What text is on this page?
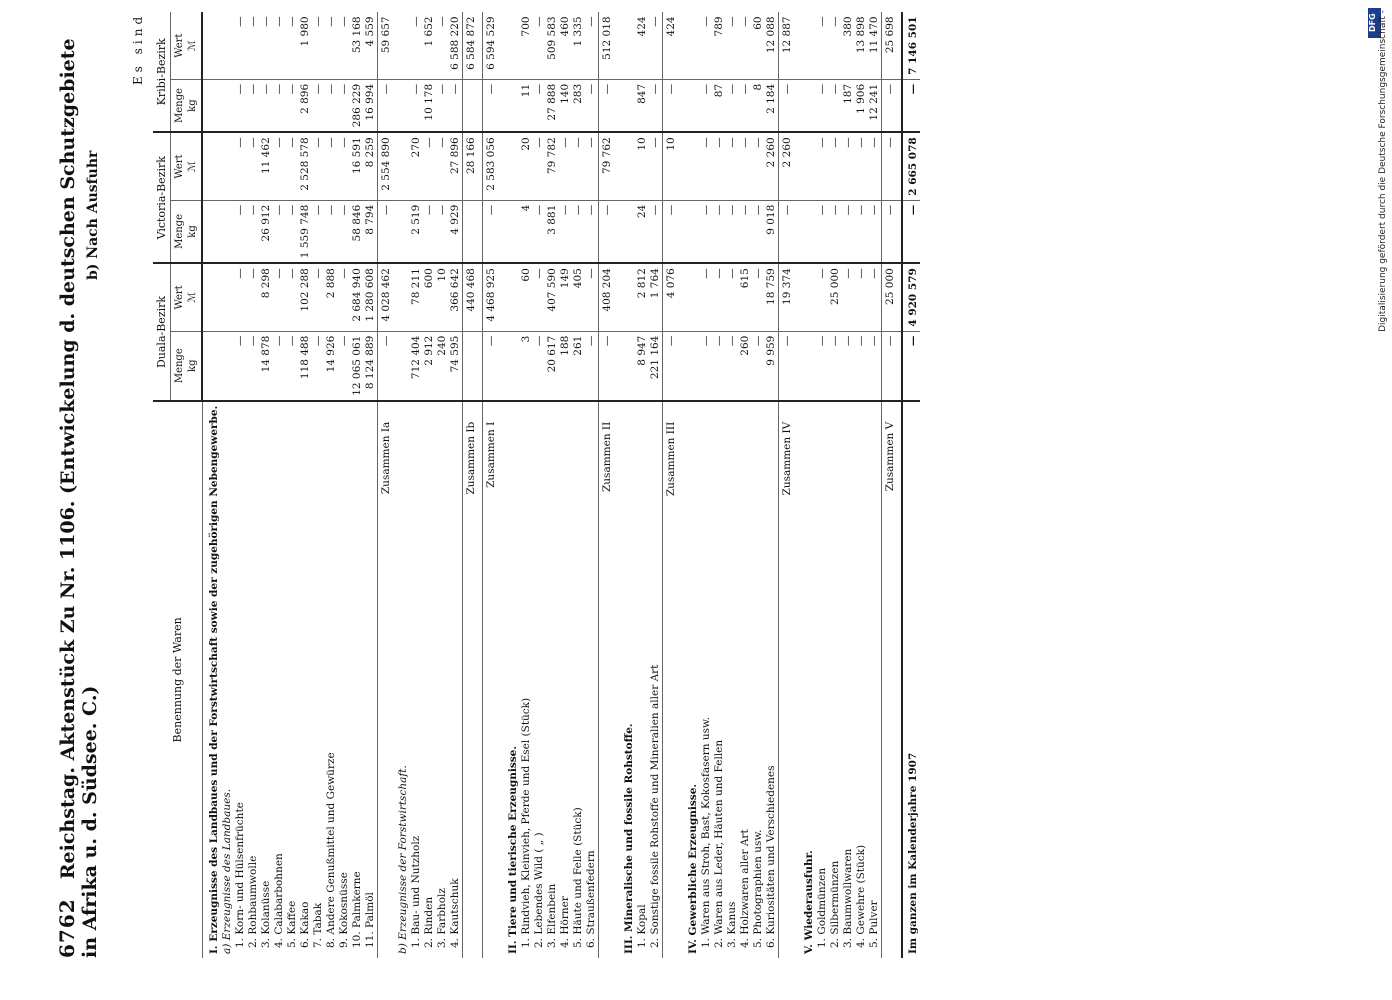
6762 Reichstag. Aktenstück Zu Nr. 1106. (Entwickelung d. deutschen Schutzgebiete in Afrika u. d. Südsee. C.)
b) Nach Ausfuhr
Es sind
Benennung der Waren	Duala-Bezirk		Victoria-Bezirk		Kribi-Bezirk	
	Menge kg	Wert ℳ	Menge kg	Wert ℳ	Menge kg	Wert ℳ
I. Erzeugnisse des Landbaues und der Forstwirtschaft sowie der zugehörigen Nebengewerbe.						
a) Erzeugnisse des Landbaues.						
1. Korn- und Hülsenfrüchte	—	—	—	—	—	—
2. Rohbaumwolle	—	—	—	—	—	—
3. Kolanüsse	14 878	8 298	26 912	11 462	—	—
4. Calabarbohnen	—	—	—	—	—	—
5. Kaffee	—	—	—	—	—	—
6. Kakao	118 488	102 288	1 559 748	2 528 578	2 896	1 980
7. Tabak	—	—	—	—	—	—
8. Andere Genußmittel und Gewürze	14 926	2 888	—	—	—	—
9. Kokosnüsse	—	—	—	—	—	—
10. Palmkerne	12 065 061	2 684 940	58 846	16 591	286 229	53 168
11. Palmöl	8 124 889	1 280 608	8 794	8 259	16 994	4 559
Zusammen Ia	—	4 028 462	—	2 554 890	—	59 657
b) Erzeugnisse der Forstwirtschaft.						
1. Bau- und Nutzholz	712 404	78 211	2 519	270	—	—
2. Rinden	2 912	600	—	—	10 178	1 652
3. Farbholz	240	10	—	—	—	—
4. Kautschuk	74 595	366 642	4 929	27 896	—	6 588 220
Zusammen Ib		440 468		28 166		6 584 872
Zusammen I	—	4 468 925	—	2 583 056	—	6 594 529
II. Tiere und tierische Erzeugnisse.						
1. Rindvieh, Kleinvieh, Pferde und Esel (Stück)	3	60	4	20	11	700
2. Lebendes Wild ( „ )	—	—	—	—	—	—
3. Elfenbein	20 617	407 590	3 881	79 782	27 888	509 583
4. Hörner	188	149	—	—	140	460
5. Häute und Felle (Stück)	261	405	—	—	283	1 335
6. Straußenfedern	—	—	—	—	—	—
Zusammen II	—	408 204	—	79 762	—	512 018
III. Mineralische und fossile Rohstoffe.						
1. Kopal	8 947	2 812	24	10	847	424
2. Sonstige fossile Rohstoffe und Mineralien aller Art	221 164	1 764	—	—	—	—
Zusammen III	—	4 076	—	10	—	424
IV. Gewerbliche Erzeugnisse.						
1. Waren aus Stroh, Bast, Kokosfasern usw.	—	—	—	—	—	—
2. Waren aus Leder, Häuten und Fellen	—	—	—	—	87	789
3. Kanus	—	—	—	—	—	—
4. Holzwaren aller Art	260	615	—	—	—	—
5. Photographien usw.	—	—	—	—	8	60
6. Kuriositäten und Verschiedenes	9 959	18 759	9 018	2 260	2 184	12 088
Zusammen IV	—	19 374	—	2 260	—	12 887
V. Wiederausfuhr.						
1. Goldmünzen	—	—	—	—	—	—
2. Silbermünzen	—	25 000	—	—	—	—
3. Baumwollwaren	—	—	—	—	187	380
4. Gewehre (Stück)	—	—	—	—	1 906	13 898
5. Pulver	—	—	—	—	12 241	11 470
Zusammen V	—	25 000	—	—	—	25 698
Im ganzen im Kalenderjahre 1907	—	4 920 579	—	2 665 078	—	7 146 501	DFG Digitalisierung gefördert durch die Deutsche Forschungsgemeinschaft -
